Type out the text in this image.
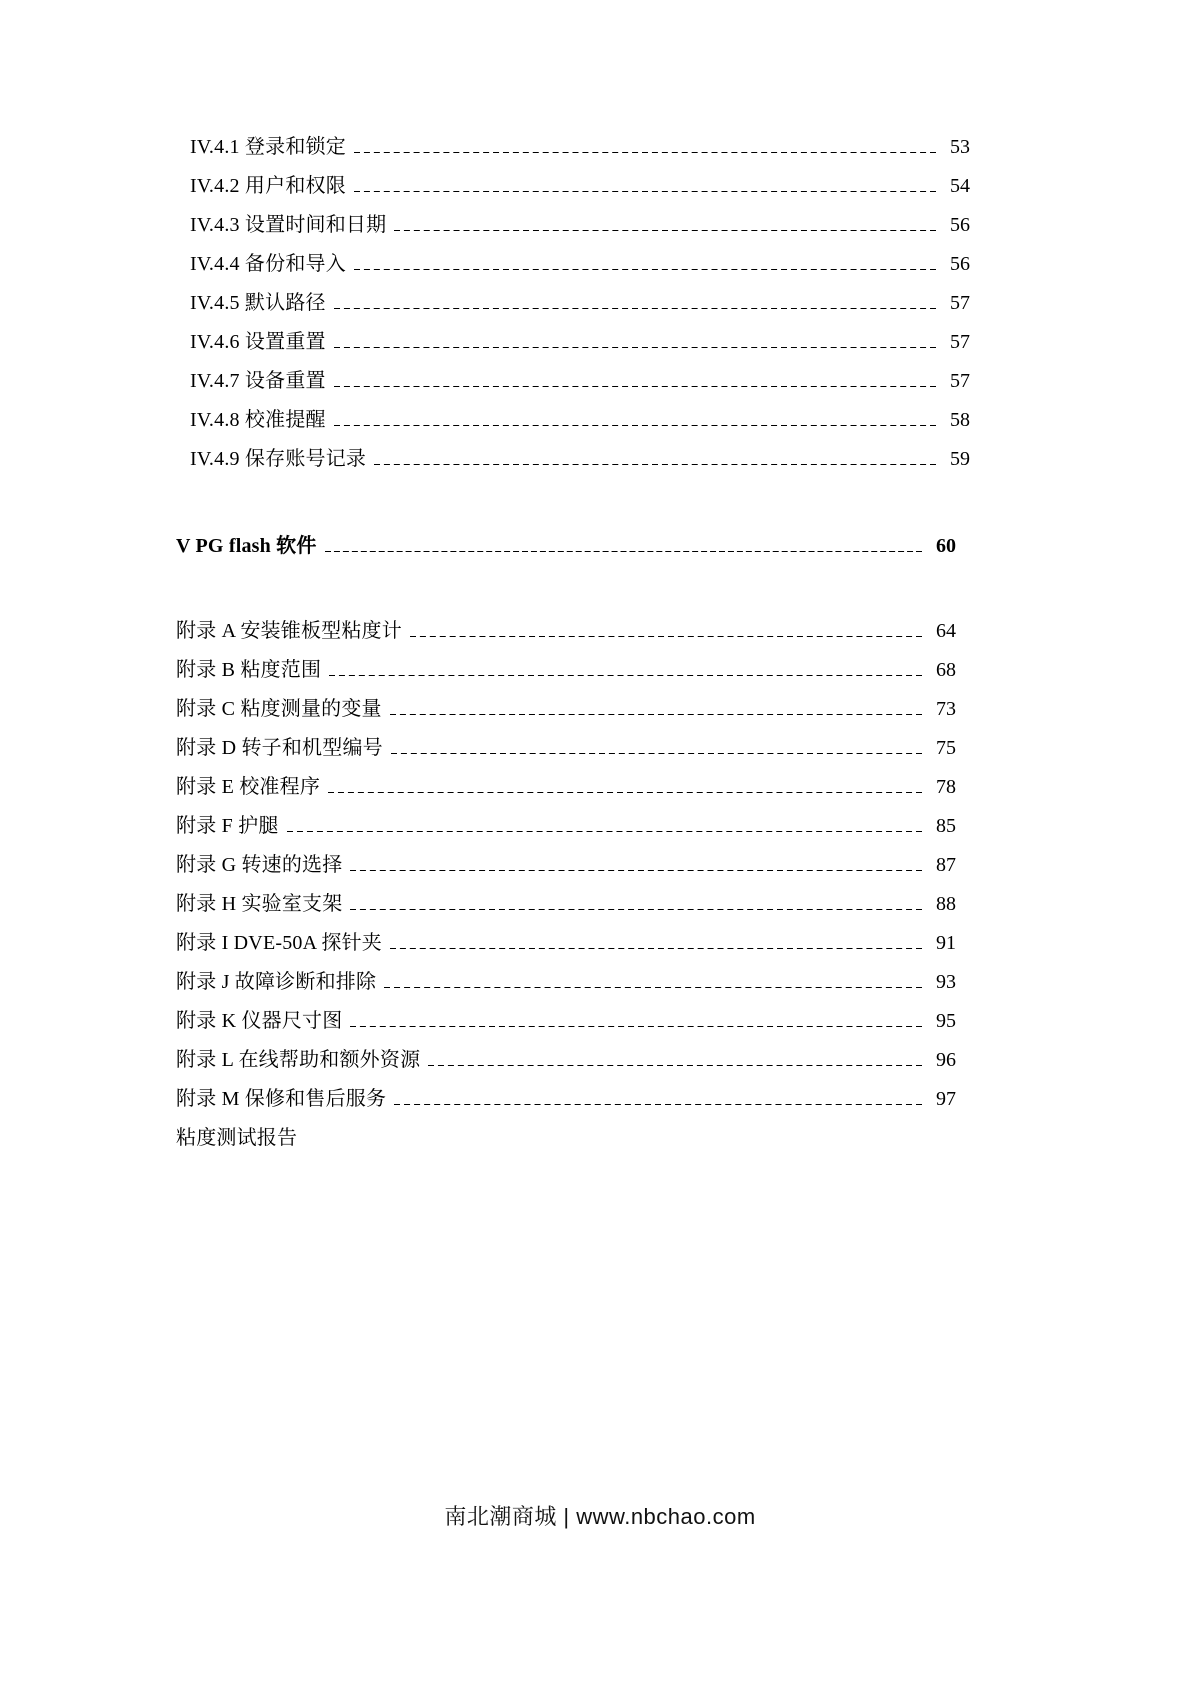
IV.4.1 登录和锁定	53
IV.4.2 用户和权限	54
IV.4.3 设置时间和日期	56
IV.4.4 备份和导入	56
IV.4.5 默认路径	57
IV.4.6 设置重置	57
IV.4.7 设备重置	57
IV.4.8 校准提醒	58
IV.4.9 保存账号记录	59
V PG flash 软件	60
附录 A 安装锥板型粘度计	64
附录 B 粘度范围	68
附录 C 粘度测量的变量	73
附录 D 转子和机型编号	75
附录 E 校准程序	78
附录 F 护腿	85
附录 G 转速的选择	87
附录 H 实验室支架	88
附录 I DVE-50A 探针夹	91
附录 J 故障诊断和排除	93
附录 K 仪器尺寸图	95
附录 L 在线帮助和额外资源	96
附录 M 保修和售后服务	97
粘度测试报告
南北潮商城 | www.nbchao.com
